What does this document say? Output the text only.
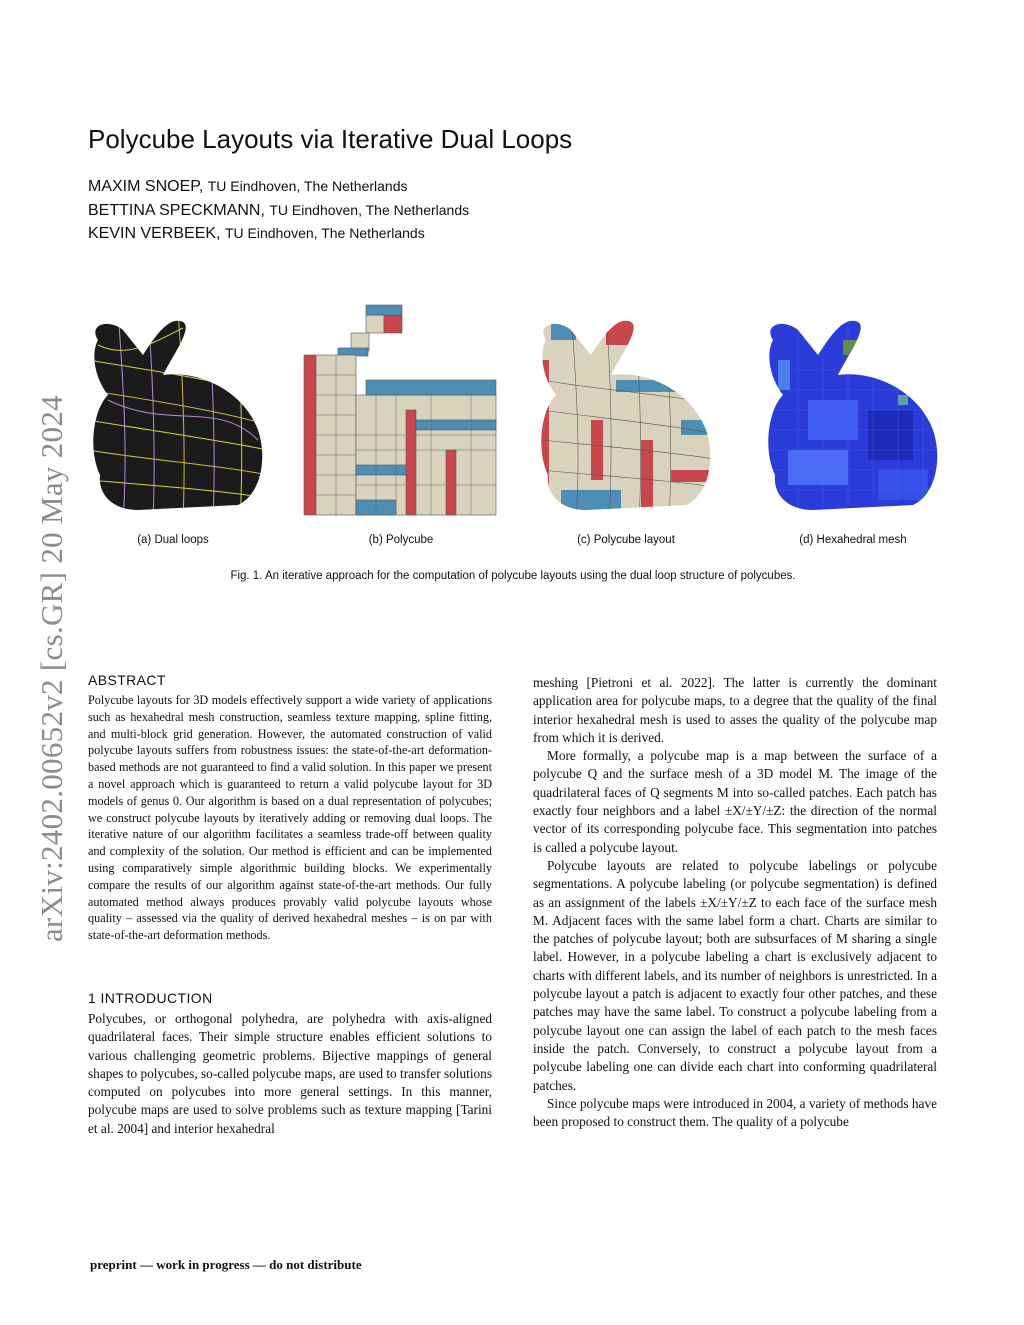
arXiv:2402.00652v2 [cs.GR] 20 May 2024
Polycube Layouts via Iterative Dual Loops
MAXIM SNOEP, TU Eindhoven, The Netherlands
BETTINA SPECKMANN, TU Eindhoven, The Netherlands
KEVIN VERBEEK, TU Eindhoven, The Netherlands
(a) Dual loops	(b) Polycube	(c) Polycube layout	(d) Hexahedral mesh
Fig. 1. An iterative approach for the computation of polycube layouts using the dual loop structure of polycubes.
ABSTRACT

Polycube layouts for 3D models effectively support a wide variety of applications such as hexahedral mesh construction, seamless texture mapping, spline fitting, and multi-block grid generation. However, the automated construction of valid polycube layouts suffers from robustness issues: the state-of-the-art deformation-based methods are not guaranteed to find a valid solution. In this paper we present a novel approach which is guaranteed to return a valid polycube layout for 3D models of genus 0. Our algorithm is based on a dual representation of polycubes; we construct polycube layouts by iteratively adding or removing dual loops. The iterative nature of our algorithm facilitates a seamless trade-off between quality and complexity of the solution. Our method is efficient and can be implemented using comparatively simple algorithmic building blocks. We experimentally compare the results of our algorithm against state-of-the-art methods. Our fully automated method always produces provably valid polycube layouts whose quality – assessed via the quality of derived hexahedral meshes – is on par with state-of-the-art deformation methods.

1 INTRODUCTION

Polycubes, or orthogonal polyhedra, are polyhedra with axis-aligned quadrilateral faces. Their simple structure enables efficient solutions to various challenging geometric problems. Bijective mappings of general shapes to polycubes, so-called polycube maps, are used to transfer solutions computed on polycubes into more general settings. In this manner, polycube maps are used to solve problems such as texture mapping [Tarini et al. 2004] and interior hexahedral

meshing [Pietroni et al. 2022]. The latter is currently the dominant application area for polycube maps, to a degree that the quality of the final interior hexahedral mesh is used to asses the quality of the polycube map from which it is derived.

More formally, a polycube map is a map between the surface of a polycube Q and the surface mesh of a 3D model M. The image of the quadrilateral faces of Q segments M into so-called patches. Each patch has exactly four neighbors and a label ±X/±Y/±Z: the direction of the normal vector of its corresponding polycube face. This segmentation into patches is called a polycube layout.

Polycube layouts are related to polycube labelings or polycube segmentations. A polycube labeling (or polycube segmentation) is defined as an assignment of the labels ±X/±Y/±Z to each face of the surface mesh M. Adjacent faces with the same label form a chart. Charts are similar to the patches of polycube layout; both are subsurfaces of M sharing a single label. However, in a polycube labeling a chart is exclusively adjacent to charts with different labels, and its number of neighbors is unrestricted. In a polycube layout a patch is adjacent to exactly four other patches, and these patches may have the same label. To construct a polycube labeling from a polycube layout one can assign the label of each patch to the mesh faces inside the patch. Conversely, to construct a polycube layout from a polycube labeling one can divide each chart into conforming quadrilateral patches.

Since polycube maps were introduced in 2004, a variety of methods have been proposed to construct them. The quality of a polycube

preprint — work in progress — do not distribute
